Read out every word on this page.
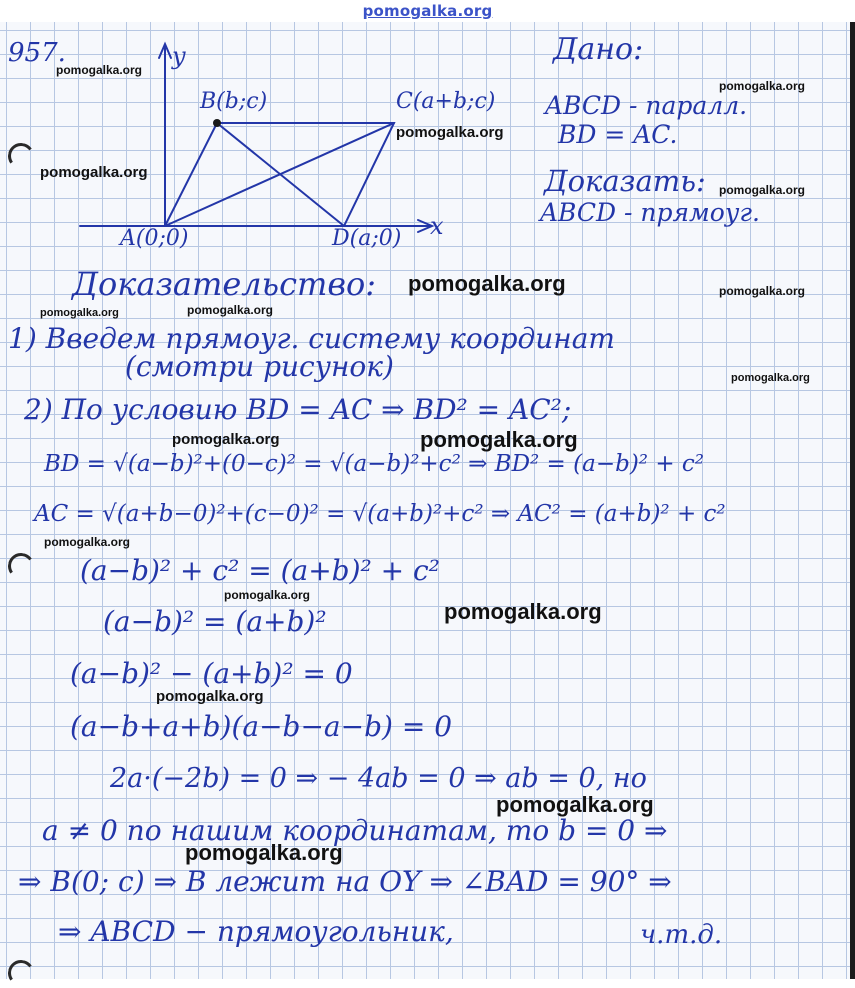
pomogalka.org
957.	y
x
B(b;c)	C(a+b;c)
A(0;0)	D(a;0)
Дано:
ABCD - паралл.
BD = AC.
Доказать:
ABCD - прямоуг.
Доказательство:
1) Введем прямоуг. систему координат
(смотри рисунок)
2) По условию BD = AC ⇒ BD² = AC²;
BD = √(a−b)²+(0−c)² = √(a−b)²+c² ⇒ BD² = (a−b)² + c²
AC = √(a+b−0)²+(c−0)² = √(a+b)²+c² ⇒ AC² = (a+b)² + c²
(a−b)² + c² = (a+b)² + c²
(a−b)² = (a+b)²
(a−b)² − (a+b)² = 0
(a−b+a+b)(a−b−a−b) = 0
2a·(−2b) = 0 ⇒ − 4ab = 0 ⇒ ab = 0, но
a ≠ 0 по нашим координатам, то b = 0 ⇒
⇒ B(0; c) ⇒ B лежит на OY ⇒ ∠BAD = 90° ⇒
⇒ ABCD − прямоугольник,	ч.т.д.
pomogalka.org
pomogalka.org
pomogalka.org
pomogalka.org
pomogalka.org
pomogalka.org	pomogalka.org
pomogalka.org	pomogalka.org
pomogalka.org
pomogalka.org	pomogalka.org
pomogalka.org
pomogalka.org
pomogalka.org
pomogalka.org
pomogalka.org
pomogalka.org
